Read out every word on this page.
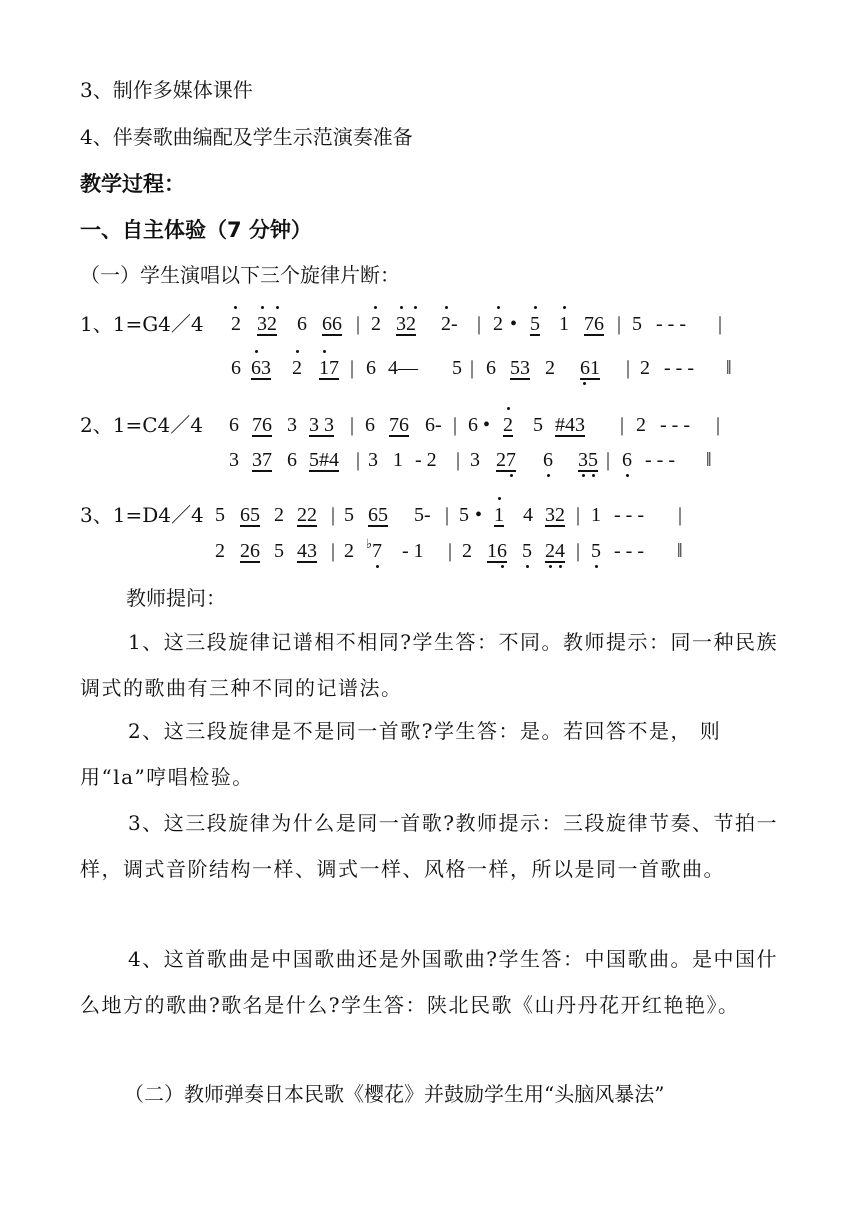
3、制作多媒体课件
4、伴奏歌曲编配及学生示范演奏准备
教学过程：
一、自主体验（7 分钟）
（一）学生演唱以下三个旋律片断：
1、1=G4／4

2

32

6

66

|

2

32

2-

|

2

•

5

1

76

|

5

- - -

|

6

63

2

17

|

6

4—

5

|

6

53

2

61

|

2

- - -

‖

2、1=C4／4

6

76

3

3 3

|

6

76

6-

|

6

•

2

5

#43

|

2

- - -

|

3

37

6

5#4

|

3

1

- 2

|

3

27

6

35

|

6

- - -

‖

3、1=D4／4

5

65

2

22

|

5

65

5-

|

5

•

1

4

32

|

1

- - -

|

2

26

5

43

|

2

♭

7

- 1

|

2

16

5

24

|

5

- - -

‖

教师提问：
1、这三段旋律记谱相不相同?学生答：不同。教师提示：同一种民族调式的歌曲有三种不同的记谱法。
2、这三段旋律是不是同一首歌?学生答：是。若回答不是， 则用“la”哼唱检验。
3、这三段旋律为什么是同一首歌?教师提示：三段旋律节奏、节拍一样，调式音阶结构一样、调式一样、风格一样，所以是同一首歌曲。
4、这首歌曲是中国歌曲还是外国歌曲?学生答：中国歌曲。是中国什么地方的歌曲?歌名是什么?学生答：陕北民歌《山丹丹花开红艳艳》。
（二）教师弹奏日本民歌《樱花》并鼓励学生用“头脑风暴法”
